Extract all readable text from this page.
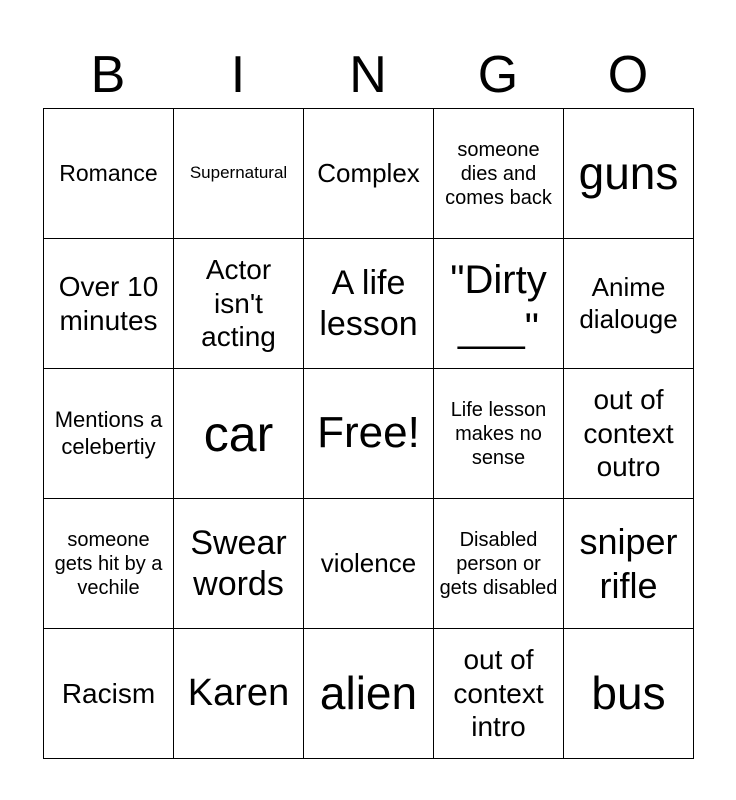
B	I	N	G	O
Romance	Supernatural	Complex	someone dies and comes back	guns

Over 10 minutes	Actor isn't acting	A life lesson	"Dirty ___"	Anime dialouge

Mentions a celebertiy	car	Free!	Life lesson makes no sense	out of context outro

someone gets hit by a vechile	Swear words	violence	Disabled person or gets disabled	sniper rifle

Racism	Karen	alien	out of context intro	bus
